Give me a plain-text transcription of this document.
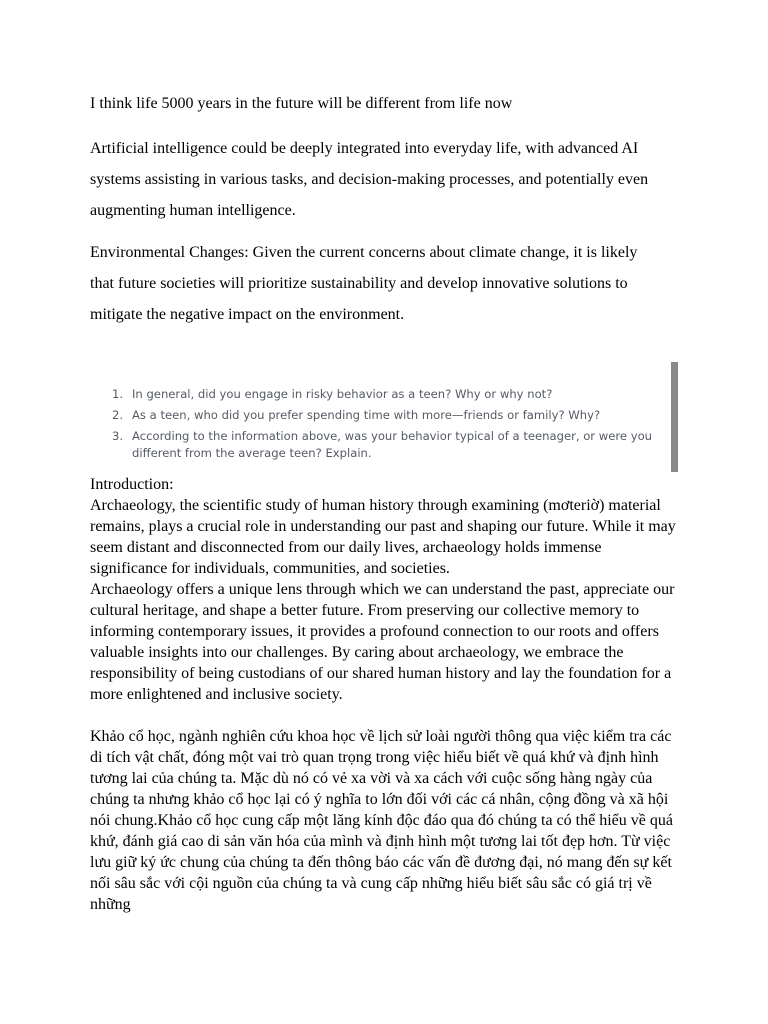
I think life 5000 years in the future will be different from life now

Artificial intelligence could be deeply integrated into everyday life, with advanced AI systems assisting in various tasks, and decision-making processes, and potentially even augmenting human intelligence.

Environmental Changes: Given the current concerns about climate change, it is likely that future societies will prioritize sustainability and develop innovative solutions to mitigate the negative impact on the environment.

1. In general, did you engage in risky behavior as a teen? Why or why not?
2. As a teen, who did you prefer spending time with more—friends or family? Why?
3. According to the information above, was your behavior typical of a teenager, or were you different from the average teen? Explain.

Introduction:

Archaeology, the scientific study of human history through examining (mơteriờ) material remains, plays a crucial role in understanding our past and shaping our future. While it may seem distant and disconnected from our daily lives, archaeology holds immense significance for individuals, communities, and societies.

Archaeology offers a unique lens through which we can understand the past, appreciate our cultural heritage, and shape a better future. From preserving our collective memory to informing contemporary issues, it provides a profound connection to our roots and offers valuable insights into our challenges. By caring about archaeology, we embrace the responsibility of being custodians of our shared human history and lay the foundation for a more enlightened and inclusive society.

Khảo cổ học, ngành nghiên cứu khoa học về lịch sử loài người thông qua việc kiểm tra các di tích vật chất, đóng một vai trò quan trọng trong việc hiểu biết về quá khứ và định hình tương lai của chúng ta. Mặc dù nó có vẻ xa vời và xa cách với cuộc sống hàng ngày của chúng ta nhưng khảo cổ học lại có ý nghĩa to lớn đối với các cá nhân, cộng đồng và xã hội nói chung.Khảo cổ học cung cấp một lăng kính độc đáo qua đó chúng ta có thể hiểu về quá khứ, đánh giá cao di sản văn hóa của mình và định hình một tương lai tốt đẹp hơn. Từ việc lưu giữ ký ức chung của chúng ta đến thông báo các vấn đề đương đại, nó mang đến sự kết nối sâu sắc với cội nguồn của chúng ta và cung cấp những hiểu biết sâu sắc có giá trị về những
